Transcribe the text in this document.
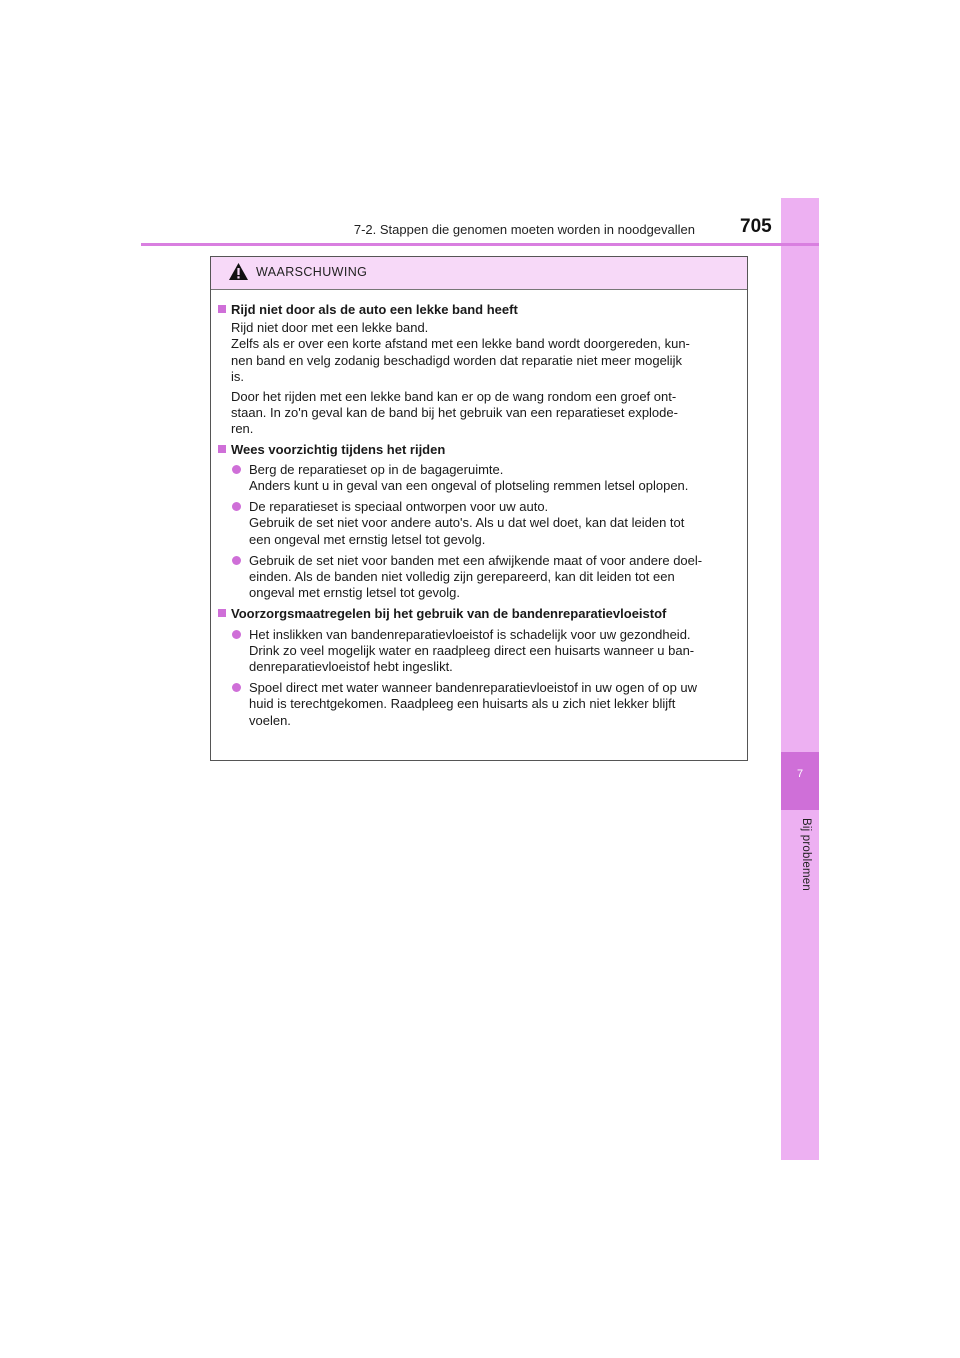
7
Bij problemen
7-2. Stappen die genomen moeten worden in noodgevallen 705
WAARSCHUWING
Rijd niet door als de auto een lekke band heeft
Rijd niet door met een lekke band.
Zelfs als er over een korte afstand met een lekke band wordt doorgereden, kun-
nen band en velg zodanig beschadigd worden dat reparatie niet meer mogelijk
is.
Door het rijden met een lekke band kan er op de wang rondom een groef ont-
staan. In zo'n geval kan de band bij het gebruik van een reparatieset explode-
ren.
Wees voorzichtig tijdens het rijden
Berg de reparatieset op in de bagageruimte.
Anders kunt u in geval van een ongeval of plotseling remmen letsel oplopen.
De reparatieset is speciaal ontworpen voor uw auto.
Gebruik de set niet voor andere auto's. Als u dat wel doet, kan dat leiden tot
een ongeval met ernstig letsel tot gevolg.
Gebruik de set niet voor banden met een afwijkende maat of voor andere doel-
einden. Als de banden niet volledig zijn gerepareerd, kan dit leiden tot een
ongeval met ernstig letsel tot gevolg.
Voorzorgsmaatregelen bij het gebruik van de bandenreparatievloeistof
Het inslikken van bandenreparatievloeistof is schadelijk voor uw gezondheid.
Drink zo veel mogelijk water en raadpleeg direct een huisarts wanneer u ban-
denreparatievloeistof hebt ingeslikt.
Spoel direct met water wanneer bandenreparatievloeistof in uw ogen of op uw
huid is terechtgekomen. Raadpleeg een huisarts als u zich niet lekker blijft
voelen.
